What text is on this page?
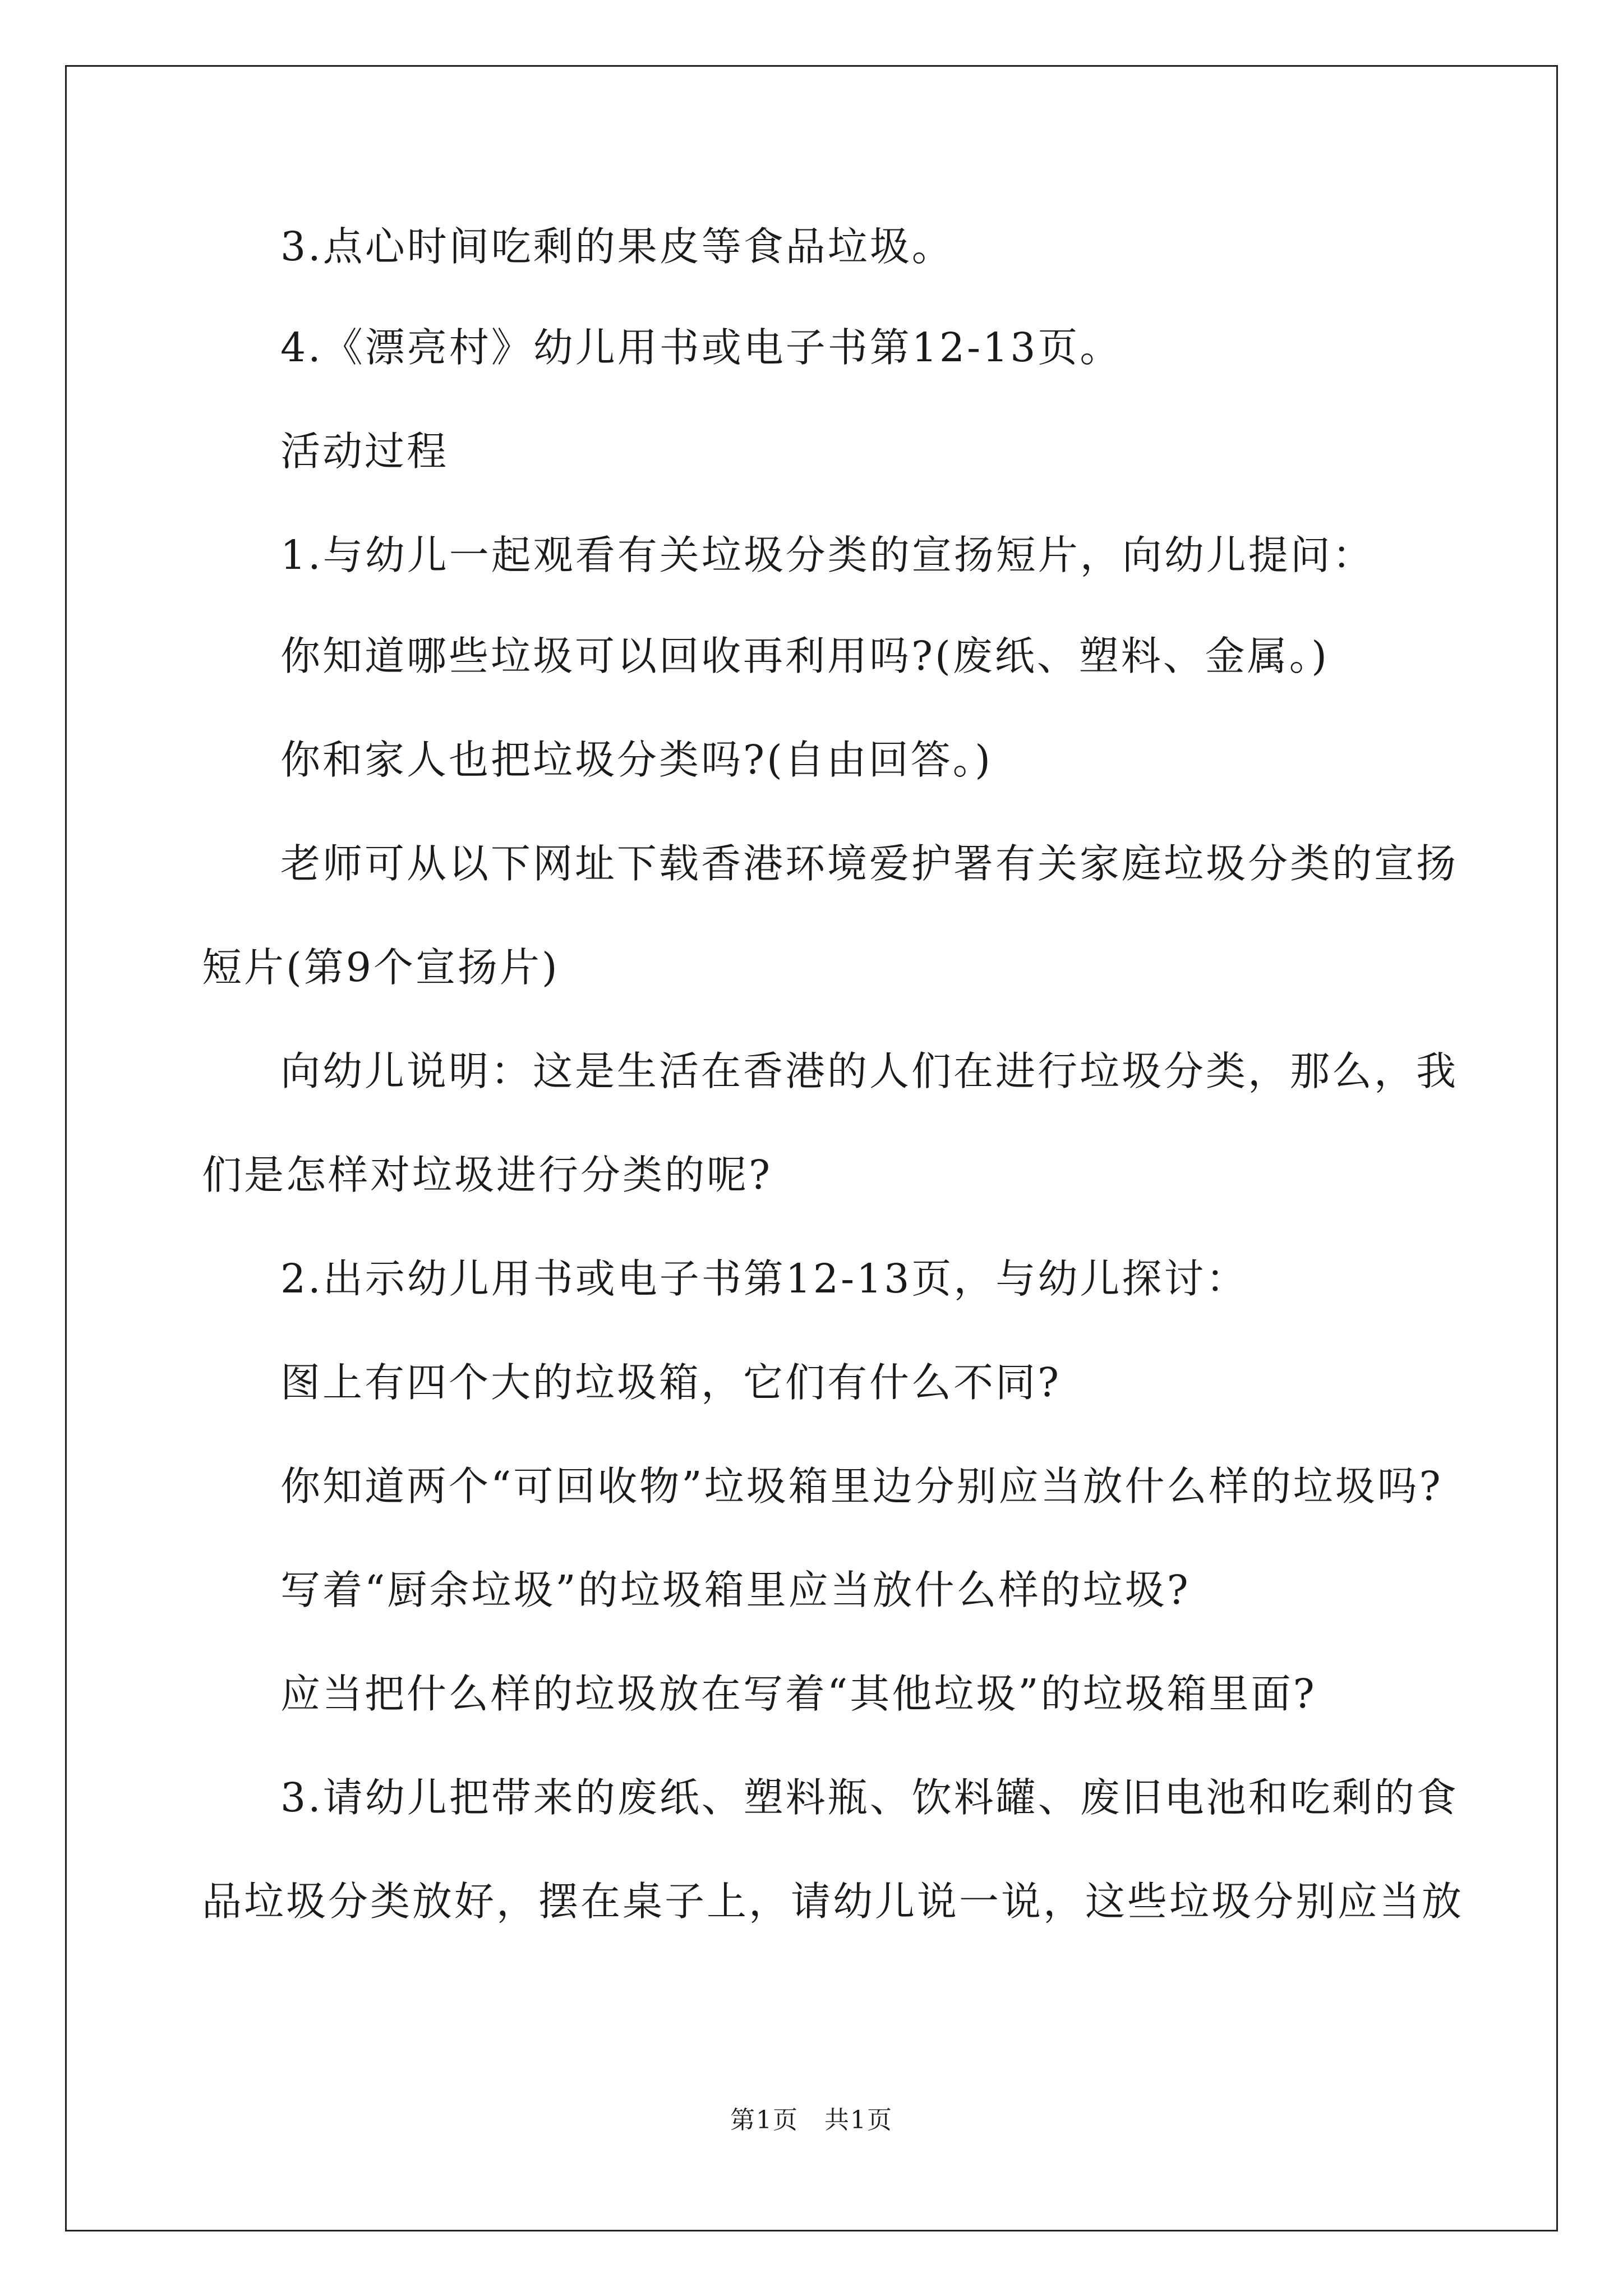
3.点心时间吃剩的果皮等食品垃圾。
4.《漂亮村》幼儿用书或电子书第12-13页。
活动过程
1.与幼儿一起观看有关垃圾分类的宣扬短片，向幼儿提问：
你知道哪些垃圾可以回收再利用吗?(废纸、塑料、金属。)
你和家人也把垃圾分类吗?(自由回答。)
老师可从以下网址下载香港环境爱护署有关家庭垃圾分类的宣扬
短片(第9个宣扬片)
向幼儿说明：这是生活在香港的人们在进行垃圾分类，那么，我
们是怎样对垃圾进行分类的呢?
2.出示幼儿用书或电子书第12-13页，与幼儿探讨：
图上有四个大的垃圾箱，它们有什么不同?
你知道两个“可回收物”垃圾箱里边分别应当放什么样的垃圾吗?
写着“厨余垃圾”的垃圾箱里应当放什么样的垃圾?
应当把什么样的垃圾放在写着“其他垃圾”的垃圾箱里面?
3.请幼儿把带来的废纸、塑料瓶、饮料罐、废旧电池和吃剩的食
品垃圾分类放好，摆在桌子上，请幼儿说一说，这些垃圾分别应当放
第1页　共1页
